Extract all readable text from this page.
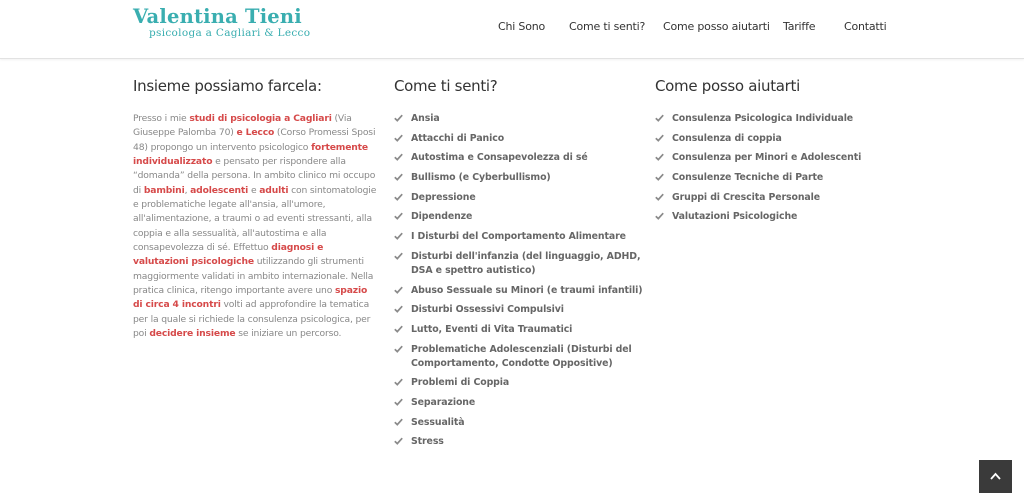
Valentina Tieni
psicologa a Cagliari & Lecco	Chi Sono Come ti senti? Come posso aiutarti Tariffe	Contatti
Insieme possiamo farcela:

Presso i mie studi di psicologia a Cagliari (Via Giuseppe Palomba 70) e Lecco (Corso Promessi Sposi 48) propongo un intervento psicologico fortemente individualizzato e pensato per rispondere alla “domanda” della persona. In ambito clinico mi occupo di bambini, adolescenti e adulti con sintomatologie e problematiche legate all'ansia, all'umore, all'alimentazione, a traumi o ad eventi stressanti, alla coppia e alla sessualità, all'autostima e alla consapevolezza di sé. Effettuo diagnosi e valutazioni psicologiche utilizzando gli strumenti maggiormente validati in ambito internazionale. Nella pratica clinica, ritengo importante avere uno spazio di circa 4 incontri volti ad approfondire la tematica per la quale si richiede la consulenza psicologica, per poi decidere insieme se iniziare un percorso.

Come ti senti?
Ansia
Attacchi di Panico
Autostima e Consapevolezza di sé
Bullismo (e Cyberbullismo)
Depressione
Dipendenze
I Disturbi del Comportamento Alimentare
Disturbi dell'infanzia (del linguaggio, ADHD, DSA e spettro autistico)
Abuso Sessuale su Minori (e traumi infantili)
Disturbi Ossessivi Compulsivi
Lutto, Eventi di Vita Traumatici
Problematiche Adolescenziali (Disturbi del Comportamento, Condotte Oppositive)
Problemi di Coppia
Separazione
Sessualità
Stress
Come posso aiutarti
Consulenza Psicologica Individuale
Consulenza di coppia
Consulenza per Minori e Adolescenti
Consulenze Tecniche di Parte
Gruppi di Crescita Personale
Valutazioni Psicologiche
